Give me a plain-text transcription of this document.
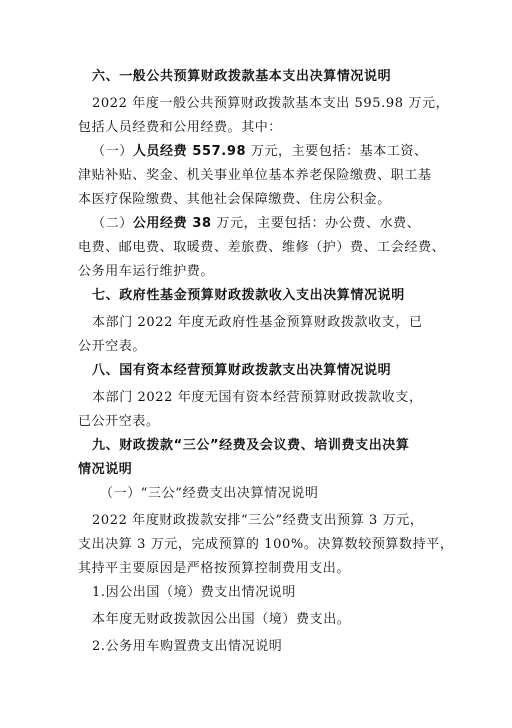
六、一般公共预算财政拨款基本支出决算情况说明
2022 年度一般公共预算财政拨款基本支出 595.98 万元，
包括人员经费和公用经费。其中：
（一）人员经费 557.98 万元，主要包括：基本工资、
津贴补贴、奖金、机关事业单位基本养老保险缴费、职工基
本医疗保险缴费、其他社会保障缴费、住房公积金。
（二）公用经费 38 万元，主要包括：办公费、水费、
电费、邮电费、取暖费、差旅费、维修（护）费、工会经费、
公务用车运行维护费。
七、政府性基金预算财政拨款收入支出决算情况说明
本部门 2022 年度无政府性基金预算财政拨款收支，已
公开空表。
八、国有资本经营预算财政拨款支出决算情况说明
本部门 2022 年度无国有资本经营预算财政拨款收支，
已公开空表。
九、财政拨款“三公”经费及会议费、培训费支出决算
情况说明
（一）“三公”经费支出决算情况说明
2022 年度财政拨款安排“三公”经费支出预算 3 万元，
支出决算 3 万元，完成预算的 100%。决算数较预算数持平，
其持平主要原因是严格按预算控制费用支出。
1.因公出国（境）费支出情况说明
本年度无财政拨款因公出国（境）费支出。
2.公务用车购置费支出情况说明
